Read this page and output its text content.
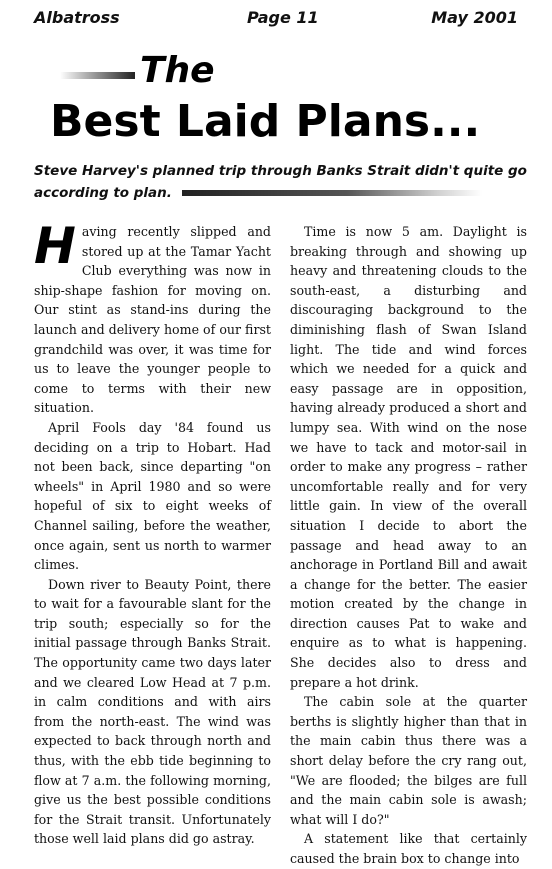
Albatross	Page 11	May 2001
The
Best Laid Plans...
Steve Harvey's planned trip through Banks Strait didn't quite go according to plan.

Having recently slipped and stored up at the Tamar Yacht Club everything was now in ship-shape fashion for moving on. Our stint as stand-ins during the launch and delivery home of our first grandchild was over, it was time for us to leave the younger people to come to terms with their new situation.

April Fools day '84 found us deciding on a trip to Hobart. Had not been back, since departing "on wheels" in April 1980 and so were hopeful of six to eight weeks of Channel sailing, before the weather, once again, sent us north to warmer climes.

Down river to Beauty Point, there to wait for a favourable slant for the trip south; especially so for the initial passage through Banks Strait. The opportunity came two days later and we cleared Low Head at 7 p.m. in calm conditions and with airs from the north-east. The wind was expected to back through north and thus, with the ebb tide beginning to flow at 7 a.m. the following morning, give us the best possible conditions for the Strait transit. Unfortunately those well laid plans did go astray.

Time is now 5 am. Daylight is breaking through and showing up heavy and threatening clouds to the south-east, a disturbing and discouraging background to the diminishing flash of Swan Island light. The tide and wind forces which we needed for a quick and easy passage are in opposition, having already produced a short and lumpy sea. With wind on the nose we have to tack and motor-sail in order to make any progress – rather uncomfortable really and for very little gain. In view of the overall situation I decide to abort the passage and head away to an anchorage in Portland Bill and await a change for the better. The easier motion created by the change in direction causes Pat to wake and enquire as to what is happening. She decides also to dress and prepare a hot drink.

The cabin sole at the quarter berths is slightly higher than that in the main cabin thus there was a short delay before the cry rang out, "We are flooded; the bilges are full and the main cabin sole is awash; what will I do?"

A statement like that certainly caused the brain box to change into
